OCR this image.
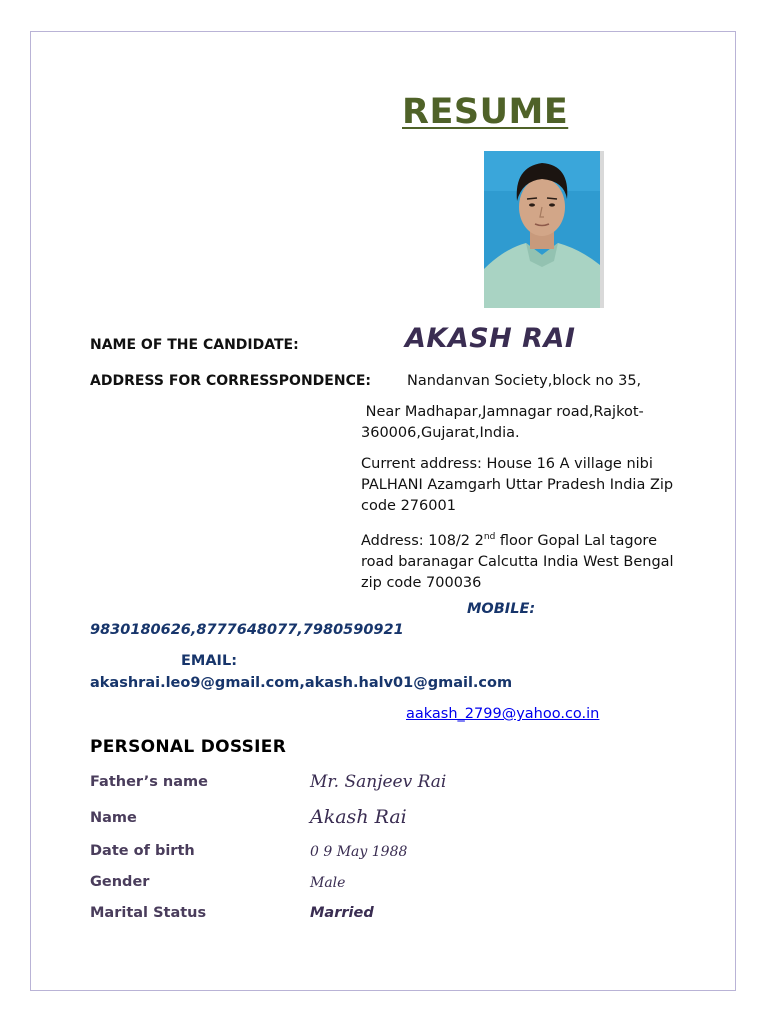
RESUME
NAME OF THE CANDIDATE:	AKASH RAI
ADDRESS FOR CORRESSPONDENCE: Nandanvan Society,block no 35,
Near Madhapar,Jamnagar road,Rajkot-360006,Gujarat,India.
Current address: House 16 A village nibi PALHANI Azamgarh Uttar Pradesh India Zip code 276001
Address: 108/2 2nd floor Gopal Lal tagore road baranagar Calcutta India West Bengal zip code 700036
MOBILE:
9830180626,8777648077,7980590921
EMAIL:
akashrai.leo9@gmail.com,akash.halv01@gmail.com
aakash_2799@yahoo.co.in
PERSONAL DOSSIER
Father’s name	Mr. Sanjeev Rai
Name	Akash Rai
Date of birth	0 9 May 1988
Gender	Male
Marital Status	Married
